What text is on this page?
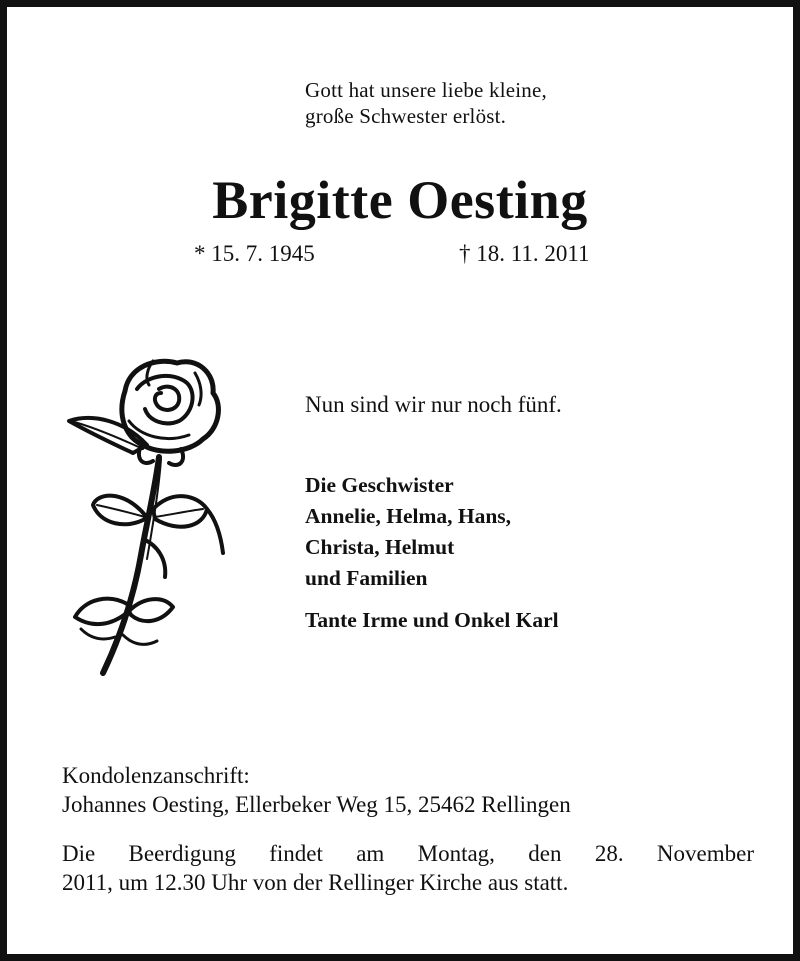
Gott hat unsere liebe kleine,
große Schwester erlöst.
Brigitte Oesting
* 15. 7. 1945	† 18. 11. 2011
Nun sind wir nur noch fünf.
Die Geschwister
Annelie, Helma, Hans,
Christa, Helmut
und Familien
Tante Irme und Onkel Karl
Kondolenzanschrift:
Johannes Oesting, Ellerbeker Weg 15, 25462 Rellingen
Die Beerdigung findet am Montag, den 28. November
2011, um 12.30 Uhr von der Rellinger Kirche aus statt.
